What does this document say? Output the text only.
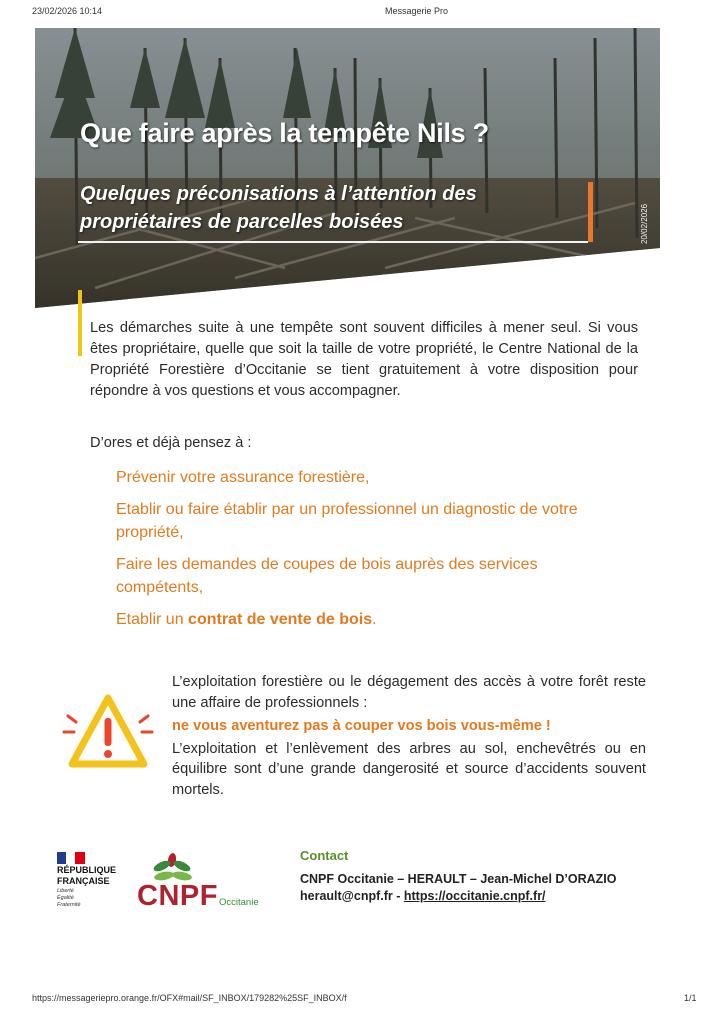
23/02/2026 10:14	Messagerie Pro
Que faire après la tempête Nils ?
Quelques préconisations à l’attention des
propriétaires de parcelles boisées	20/02/2026
Les démarches suite à une tempête sont souvent difficiles à mener seul. Si vous êtes propriétaire, quelle que soit la taille de votre propriété, le Centre National de la Propriété Forestière d’Occitanie se tient gratuitement à votre disposition pour répondre à vos questions et vous accompagner.
D’ores et déjà pensez à :
Prévenir votre assurance forestière,
Etablir ou faire établir par un professionnel un diagnostic de votre propriété,
Faire les demandes de coupes de bois auprès des services compétents,
Etablir un contrat de vente de bois.
L’exploitation forestière ou le dégagement des accès à votre forêt reste une affaire de professionnels :
ne vous aventurez pas à couper vos bois vous-même !
L’exploitation et l’enlèvement des arbres au sol, enchevêtrés ou en équilibre sont d’une grande dangerosité et source d’accidents souvent mortels.
RÉPUBLIQUE
FRANÇAISE
Liberté
Égalité
Fraternité CNPF Occitanie
Contact
CNPF Occitanie – HERAULT – Jean-Michel D’ORAZIO
herault@cnpf.fr - https://occitanie.cnpf.fr/
https://messageriepro.orange.fr/OFX#mail/SF_INBOX/179282%25SF_INBOX/f	1/1
